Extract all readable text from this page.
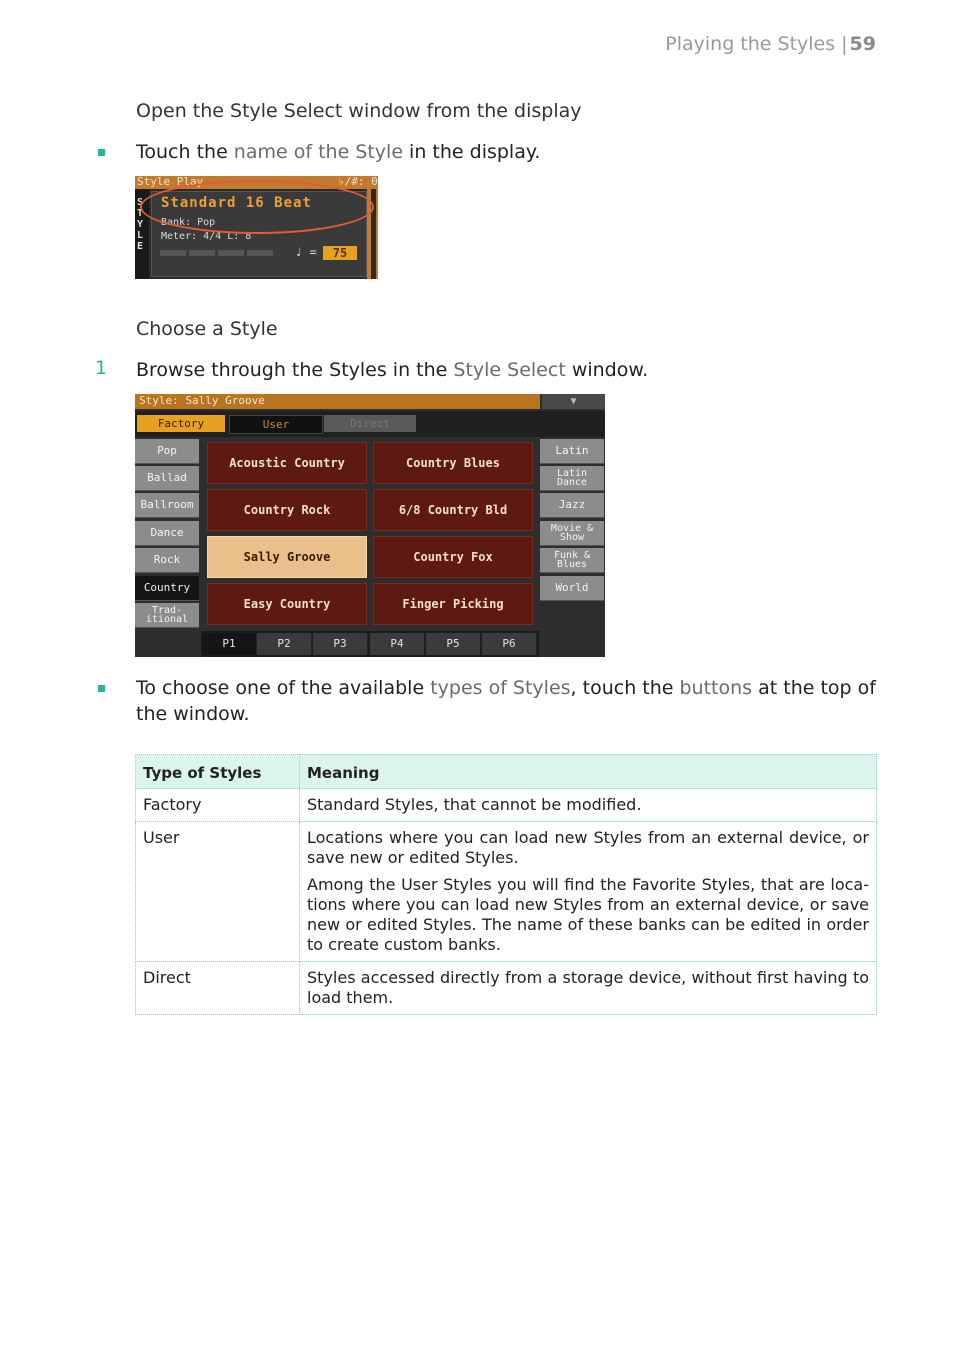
Playing the Styles | 59
Open the Style Select window from the display
Touch the name of the Style in the display.
Style Play	♭/#: 0
S
T
Y
L
E
Standard 16 Beat
Bank: Pop
Meter: 4/4 L: 8
♩ =	75
Choose a Style
1 Browse through the Styles in the Style Select window.
Style: Sally Groove	▼
Factory	User	Direct
Pop
Ballad
Ballroom
Dance
Rock
Country
Trad-
itional
Latin
Latin
Dance
Jazz
Movie &
Show
Funk &
Blues
World
Acoustic Country	Country Blues
Country Rock	6/8 Country Bld
Sally Groove	Country Fox
Easy Country	Finger Picking
P1	P2	P3	P4	P5	P6
To choose one of the available types of Styles, touch the buttons at the top of the window.
Type of Styles	Meaning
Factory	Standard Styles, that cannot be modified.

User	Locations where you can load new Styles from an external device, or save new or edited Styles.

Among the User Styles you will find the Favorite Styles, that are loca-tions where you can load new Styles from an external device, or save new or edited Styles. The name of these banks can be edited in order to create custom banks.

Direct	Styles accessed directly from a storage device, without first having to load them.
